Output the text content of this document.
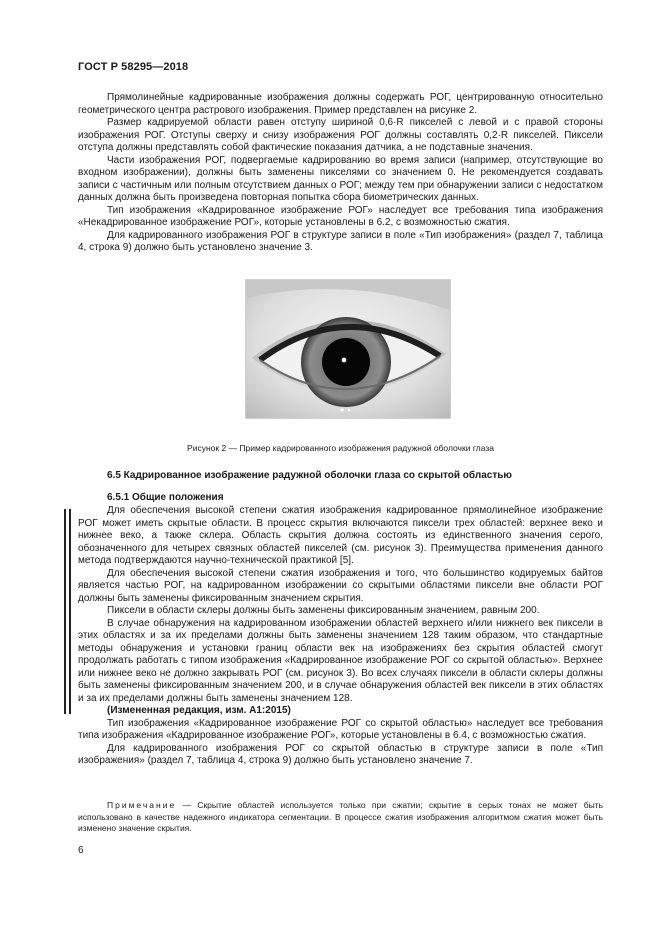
ГОСТ Р 58295—2018

Прямолинейные кадрированные изображения должны содержать РОГ, центрированную относительно геометрического центра растрового изображения. Пример представлен на рисунке 2.

Размер кадрируемой области равен отступу шириной 0,6·R пикселей с левой и с правой стороны изображения РОГ. Отступы сверху и снизу изображения РОГ должны составлять 0,2·R пикселей. Пиксели отступа должны представлять собой фактические показания датчика, а не подставные значения.

Части изображения РОГ, подвергаемые кадрированию во время записи (например, отсутствующие во входном изображении), должны быть заменены пикселями со значением 0. Не рекомендуется создавать записи с частичным или полным отсутствием данных о РОГ; между тем при обнаружении записи с недостатком данных должна быть произведена повторная попытка сбора биометрических данных.

Тип изображения «Кадрированное изображение РОГ» наследует все требования типа изображения «Некадрированное изображение РОГ», которые установлены в 6.2, с возможностью сжатия.

Для кадрированного изображения РОГ в структуре записи в поле «Тип изображения» (раздел 7, таблица 4, строка 9) должно быть установлено значение 3.

Рисунок 2 — Пример кадрированного изображения радужной оболочки глаза
6.5 Кадрированное изображение радужной оболочки глаза со скрытой областью
6.5.1 Общие положения

Для обеспечения высокой степени сжатия изображения кадрированное прямолинейное изображение РОГ может иметь скрытые области. В процесс скрытия включаются пиксели трех областей: верхнее веко и нижнее веко, а также склера. Область скрытия должна состоять из единственного значения серого, обозначенного для четырех связных областей пикселей (см. рисунок 3). Преимущества применения данного метода подтверждаются научно-технической практикой [5].

Для обеспечения высокой степени сжатия изображения и того, что большинство кодируемых байтов является частью РОГ, на кадрированном изображении со скрытыми областями пиксели вне области РОГ должны быть заменены фиксированным значением скрытия.

Пиксели в области склеры должны быть заменены фиксированным значением, равным 200.

В случае обнаружения на кадрированном изображении областей верхнего и/или нижнего век пиксели в этих областях и за их пределами должны быть заменены значением 128 таким образом, что стандартные методы обнаружения и установки границ области век на изображениях без скрытия областей смогут продолжать работать с типом изображения «Кадрированное изображение РОГ со скрытой областью». Верхнее или нижнее веко не должно закрывать РОГ (см. рисунок 3). Во всех случаях пиксели в области склеры должны быть заменены фиксированным значением 200, и в случае обнаружения областей век пиксели в этих областях и за их пределами должны быть заменены значением 128.

(Измененная редакция, изм. А1:2015)

Тип изображения «Кадрированное изображение РОГ со скрытой областью» наследует все требования типа изображения «Кадрированное изображение РОГ», которые установлены в 6.4, с возможностью сжатия.

Для кадрированного изображения РОГ со скрытой областью в структуре записи в поле «Тип изображения» (раздел 7, таблица 4, строка 9) должно быть установлено значение 7.

Примечание — Скрытие областей используется только при сжатии; скрытие в серых тонах не может быть использовано в качестве надежного индикатора сегментации. В процессе сжатия изображения алгоритмом сжатия может быть изменено значение скрытия.

6
